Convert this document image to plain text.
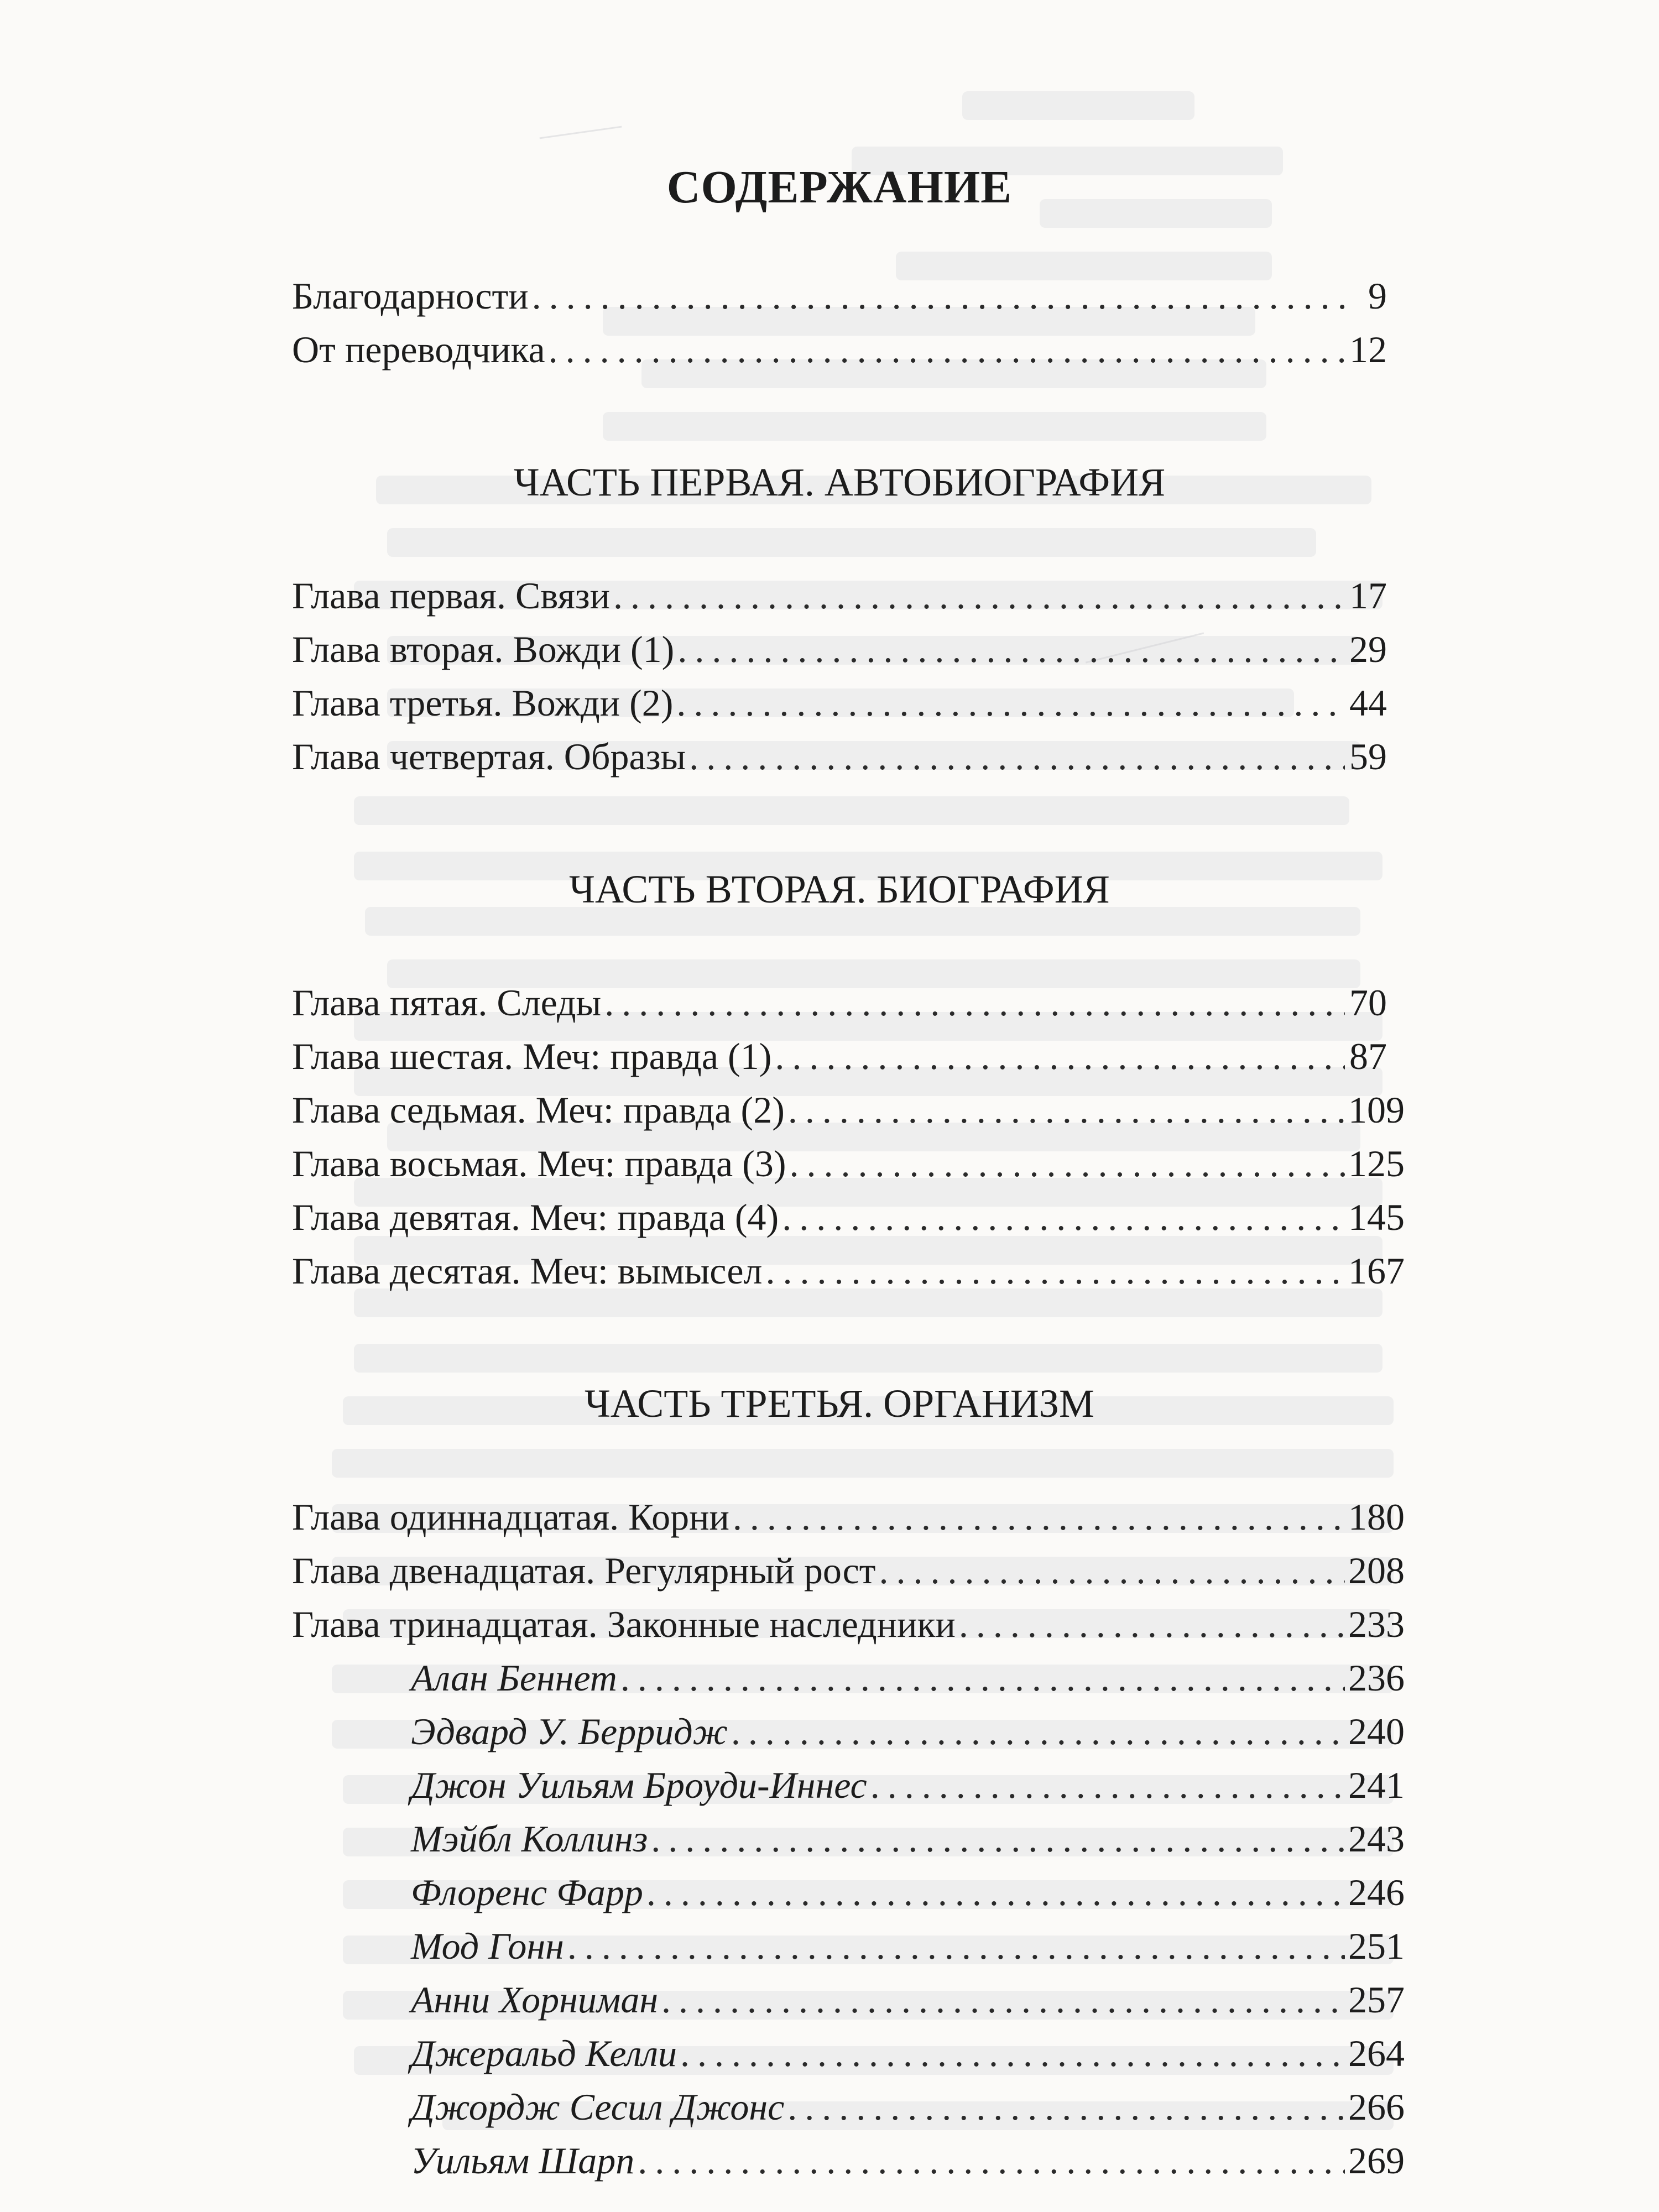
СОДЕРЖАНИЕ
Благодарности .....	9
От переводчика .....	12
ЧАСТЬ ПЕРВАЯ. АВТОБИОГРАФИЯ
Глава первая. Связи .....	17
Глава вторая. Вожди (1) .....	29
Глава третья. Вожди (2) .....	44
Глава четвертая. Образы .....	59
ЧАСТЬ ВТОРАЯ. БИОГРАФИЯ
Глава пятая. Следы .....	70
Глава шестая. Меч: правда (1) .....	87
Глава седьмая. Меч: правда (2) .....	109
Глава восьмая. Меч: правда (3) .....	125
Глава девятая. Меч: правда (4) .....	145
Глава десятая. Меч: вымысел .....	167
ЧАСТЬ ТРЕТЬЯ. ОРГАНИЗМ
Глава одиннадцатая. Корни .....	180
Глава двенадцатая. Регулярный рост .....	208
Глава тринадцатая. Законные наследники .....	233
Алан Беннет .....	236
Эдвард У. Берридж .....	240
Джон Уильям Броуди-Иннес .....	241
Мэйбл Коллинз .....	243
Флоренс Фарр .....	246
Мод Гонн .....	251
Анни Хорниман .....	257
Джеральд Келли .....	264
Джордж Сесил Джонс .....	266
Уильям Шарп .....	269
